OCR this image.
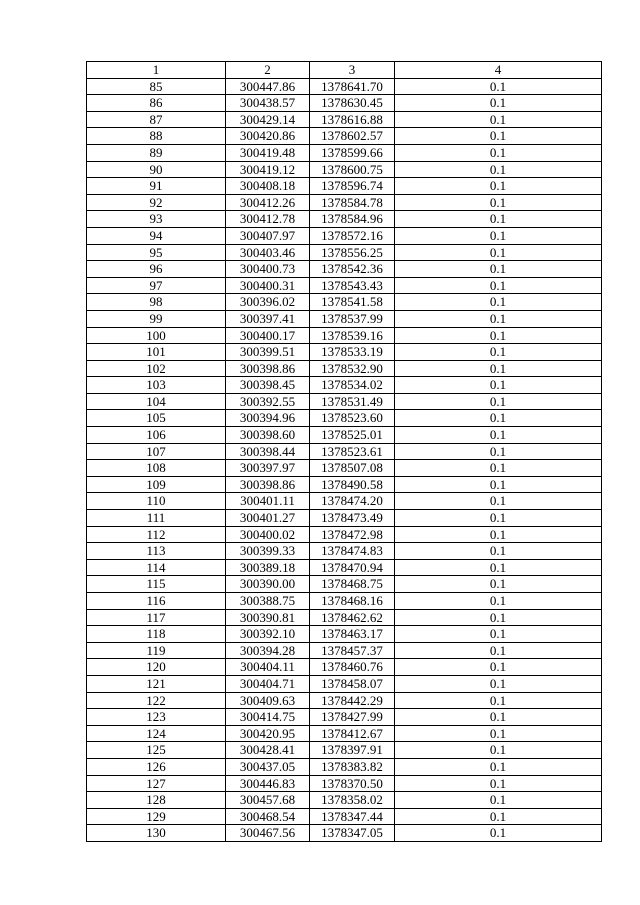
1	2	3	4
85	300447.86	1378641.70	0.1
86	300438.57	1378630.45	0.1
87	300429.14	1378616.88	0.1
88	300420.86	1378602.57	0.1
89	300419.48	1378599.66	0.1
90	300419.12	1378600.75	0.1
91	300408.18	1378596.74	0.1
92	300412.26	1378584.78	0.1
93	300412.78	1378584.96	0.1
94	300407.97	1378572.16	0.1
95	300403.46	1378556.25	0.1
96	300400.73	1378542.36	0.1
97	300400.31	1378543.43	0.1
98	300396.02	1378541.58	0.1
99	300397.41	1378537.99	0.1
100	300400.17	1378539.16	0.1
101	300399.51	1378533.19	0.1
102	300398.86	1378532.90	0.1
103	300398.45	1378534.02	0.1
104	300392.55	1378531.49	0.1
105	300394.96	1378523.60	0.1
106	300398.60	1378525.01	0.1
107	300398.44	1378523.61	0.1
108	300397.97	1378507.08	0.1
109	300398.86	1378490.58	0.1
110	300401.11	1378474.20	0.1
111	300401.27	1378473.49	0.1
112	300400.02	1378472.98	0.1
113	300399.33	1378474.83	0.1
114	300389.18	1378470.94	0.1
115	300390.00	1378468.75	0.1
116	300388.75	1378468.16	0.1
117	300390.81	1378462.62	0.1
118	300392.10	1378463.17	0.1
119	300394.28	1378457.37	0.1
120	300404.11	1378460.76	0.1
121	300404.71	1378458.07	0.1
122	300409.63	1378442.29	0.1
123	300414.75	1378427.99	0.1
124	300420.95	1378412.67	0.1
125	300428.41	1378397.91	0.1
126	300437.05	1378383.82	0.1
127	300446.83	1378370.50	0.1
128	300457.68	1378358.02	0.1
129	300468.54	1378347.44	0.1
130	300467.56	1378347.05	0.1
